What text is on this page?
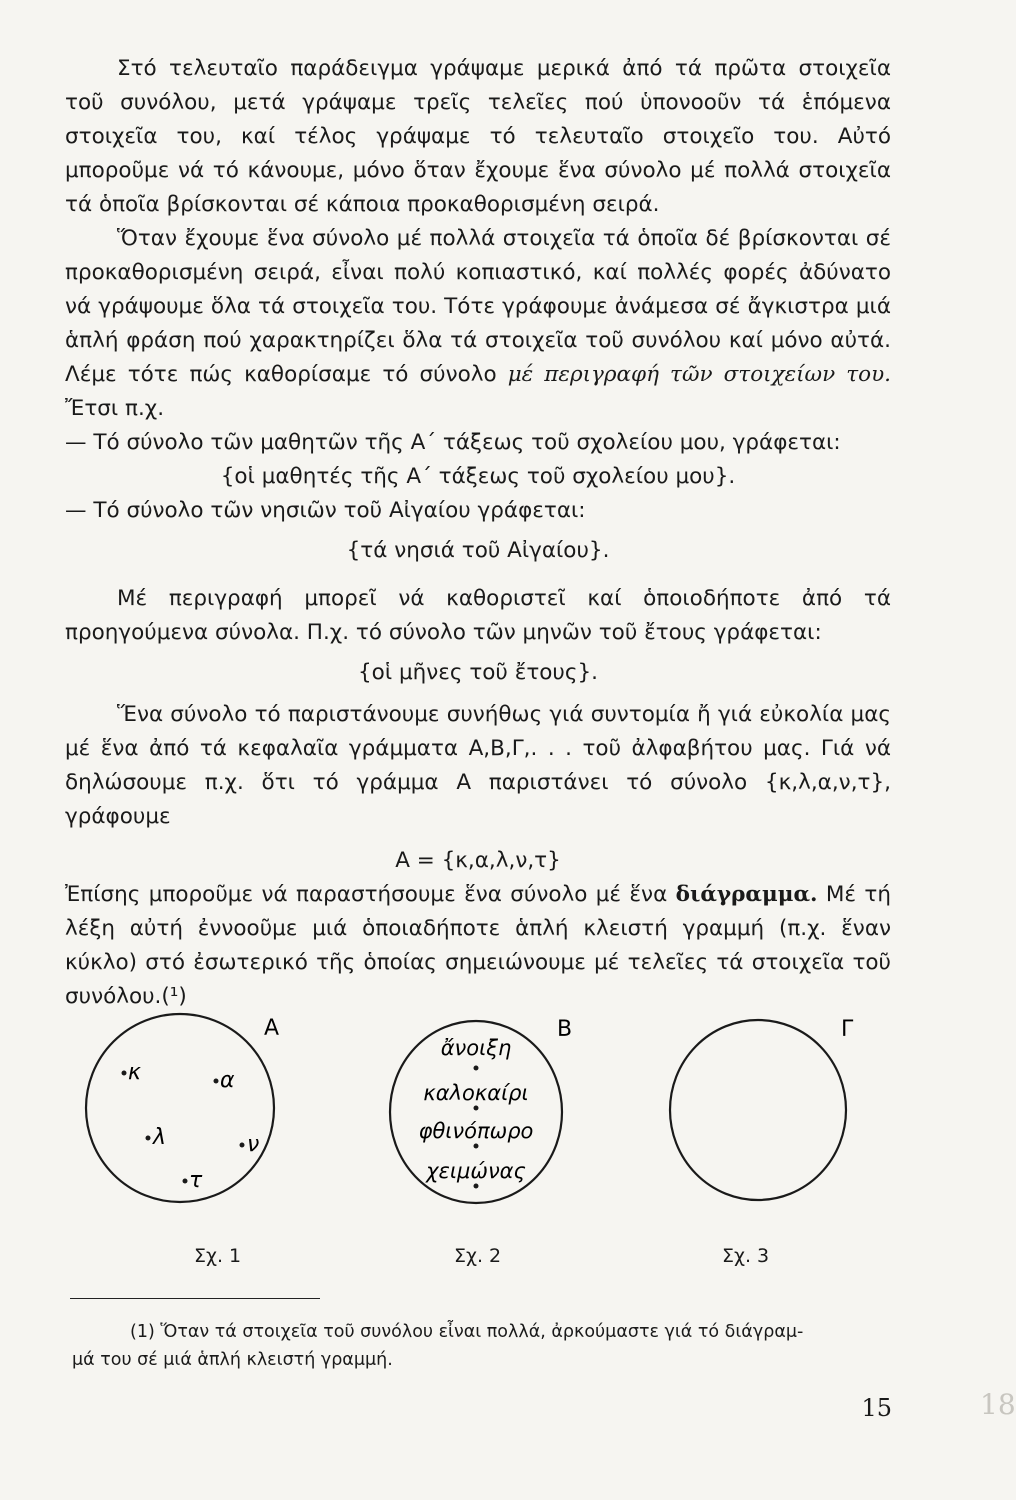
Στό τελευταῖο παράδειγμα γράψαμε μερικά ἀπό τά πρῶτα στοιχεῖα τοῦ συνόλου, μετά γράψαμε τρεῖς τελεῖες πού ὑπονοοῦν τά ἑπόμενα στοιχεῖα του, καί τέλος γράψαμε τό τελευταῖο στοιχεῖο του. Αὐτό μποροῦμε νά τό κάνουμε, μόνο ὅταν ἔχουμε ἕνα σύνολο μέ πολλά στοιχεῖα τά ὁποῖα βρίσκονται σέ κάποια προκαθορισμένη σειρά.

Ὅταν ἔχουμε ἕνα σύνολο μέ πολλά στοιχεῖα τά ὁποῖα δέ βρίσκονται σέ προκαθορισμένη σειρά, εἶναι πολύ κοπιαστικό, καί πολλές φορές ἀδύνατο νά γράψουμε ὅλα τά στοιχεῖα του. Τότε γράφουμε ἀνάμεσα σέ ἄγκιστρα μιά ἁπλή φράση πού χαρακτηρίζει ὅλα τά στοιχεῖα τοῦ συνόλου καί μόνο αὐτά. Λέμε τότε πώς καθορίσαμε τό σύνολο μέ περιγραφή τῶν στοιχείων του. Ἔτσι π.χ.

— Τό σύνολο τῶν μαθητῶν τῆς Α΄ τάξεως τοῦ σχολείου μου, γράφεται:

{οἱ μαθητές τῆς Α΄ τάξεως τοῦ σχολείου μου}.

— Τό σύνολο τῶν νησιῶν τοῦ Αἰγαίου γράφεται:

{τά νησιά τοῦ Αἰγαίου}.

Μέ περιγραφή μπορεῖ νά καθοριστεῖ καί ὁποιοδήποτε ἀπό τά προηγούμενα σύνολα. Π.χ. τό σύνολο τῶν μηνῶν τοῦ ἔτους γράφεται:

{οἱ μῆνες τοῦ ἔτους}.

Ἕνα σύνολο τό παριστάνουμε συνήθως γιά συντομία ἤ γιά εὐκολία μας μέ ἕνα ἀπό τά κεφαλαῖα γράμματα Α,Β,Γ,. . . τοῦ ἀλφαβήτου μας. Γιά νά δηλώσουμε π.χ. ὅτι τό γράμμα Α παριστάνει τό σύνολο {κ,λ,α,ν,τ}, γράφουμε

Α = {κ,α,λ,ν,τ}

Ἐπίσης μποροῦμε νά παραστήσουμε ἕνα σύνολο μέ ἕνα διάγραμμα. Μέ τή λέξη αὐτή ἐννοοῦμε μιά ὁποιαδήποτε ἁπλή κλειστή γραμμή (π.χ. ἕναν κύκλο) στό ἐσωτερικό τῆς ὁποίας σημειώνουμε μέ τελεῖες τά στοιχεῖα τοῦ συνόλου.(¹)

Α
κ	α
λ	ν
τ
Β
ἄνοιξη
καλοκαίρι
φθινόπωρο
χειμώνας
Γ
Σχ. 1	Σχ. 2	Σχ. 3
(1) Ὅταν τά στοιχεῖα τοῦ συνόλου εἶναι πολλά, ἀρκούμαστε γιά τό διάγραμ-
μά του σέ μιά ἁπλή κλειστή γραμμή.
15	18
